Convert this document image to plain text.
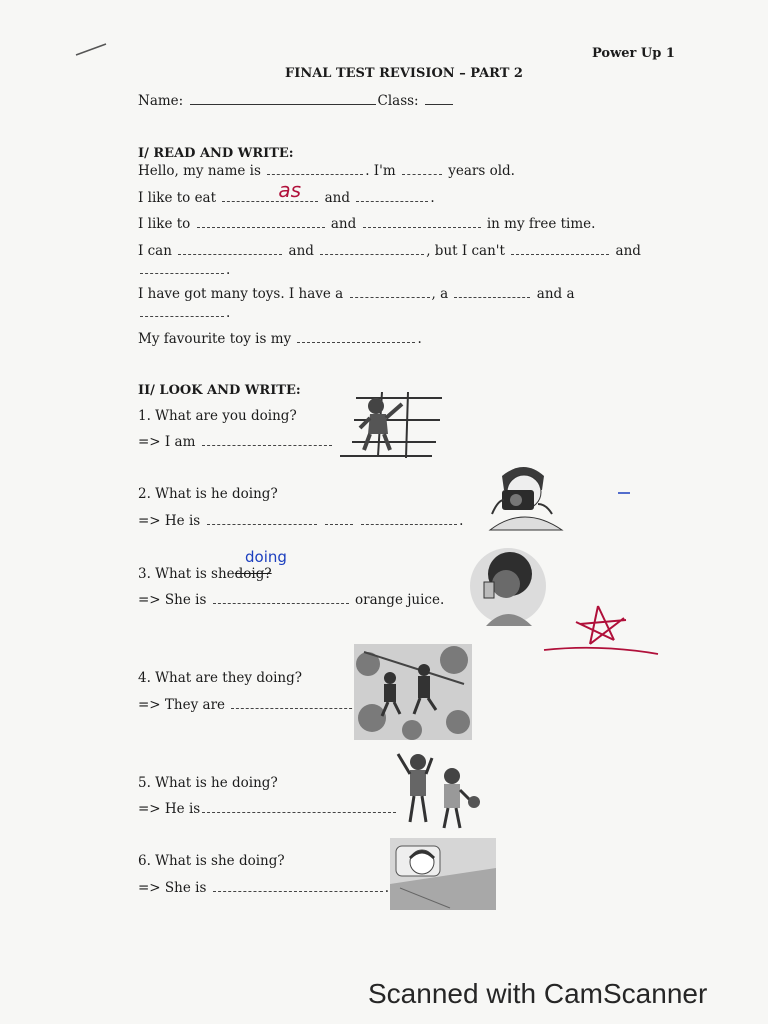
Power Up 1
FINAL TEST REVISION – PART 2
Name:	Class:
I/ READ AND WRITE:
Hello, my name is	. I'm	years old.
I like to eat	as and	.
I like to	and	in my free time.
I can	and	, but I can't	and
.
I have got many toys. I have a	, a	and a
.
My favourite toy is my	.
II/ LOOK AND WRITE:
1. What are you doing?
=> I am
2. What is he doing?
=> He is	.
doing
3. What is shedoig?
=> She is	orange juice.
4. What are they doing?
=> They are
5. What is he doing?
=> He is
6. What is she doing?
=> She is	.
Scanned with CamScanner
